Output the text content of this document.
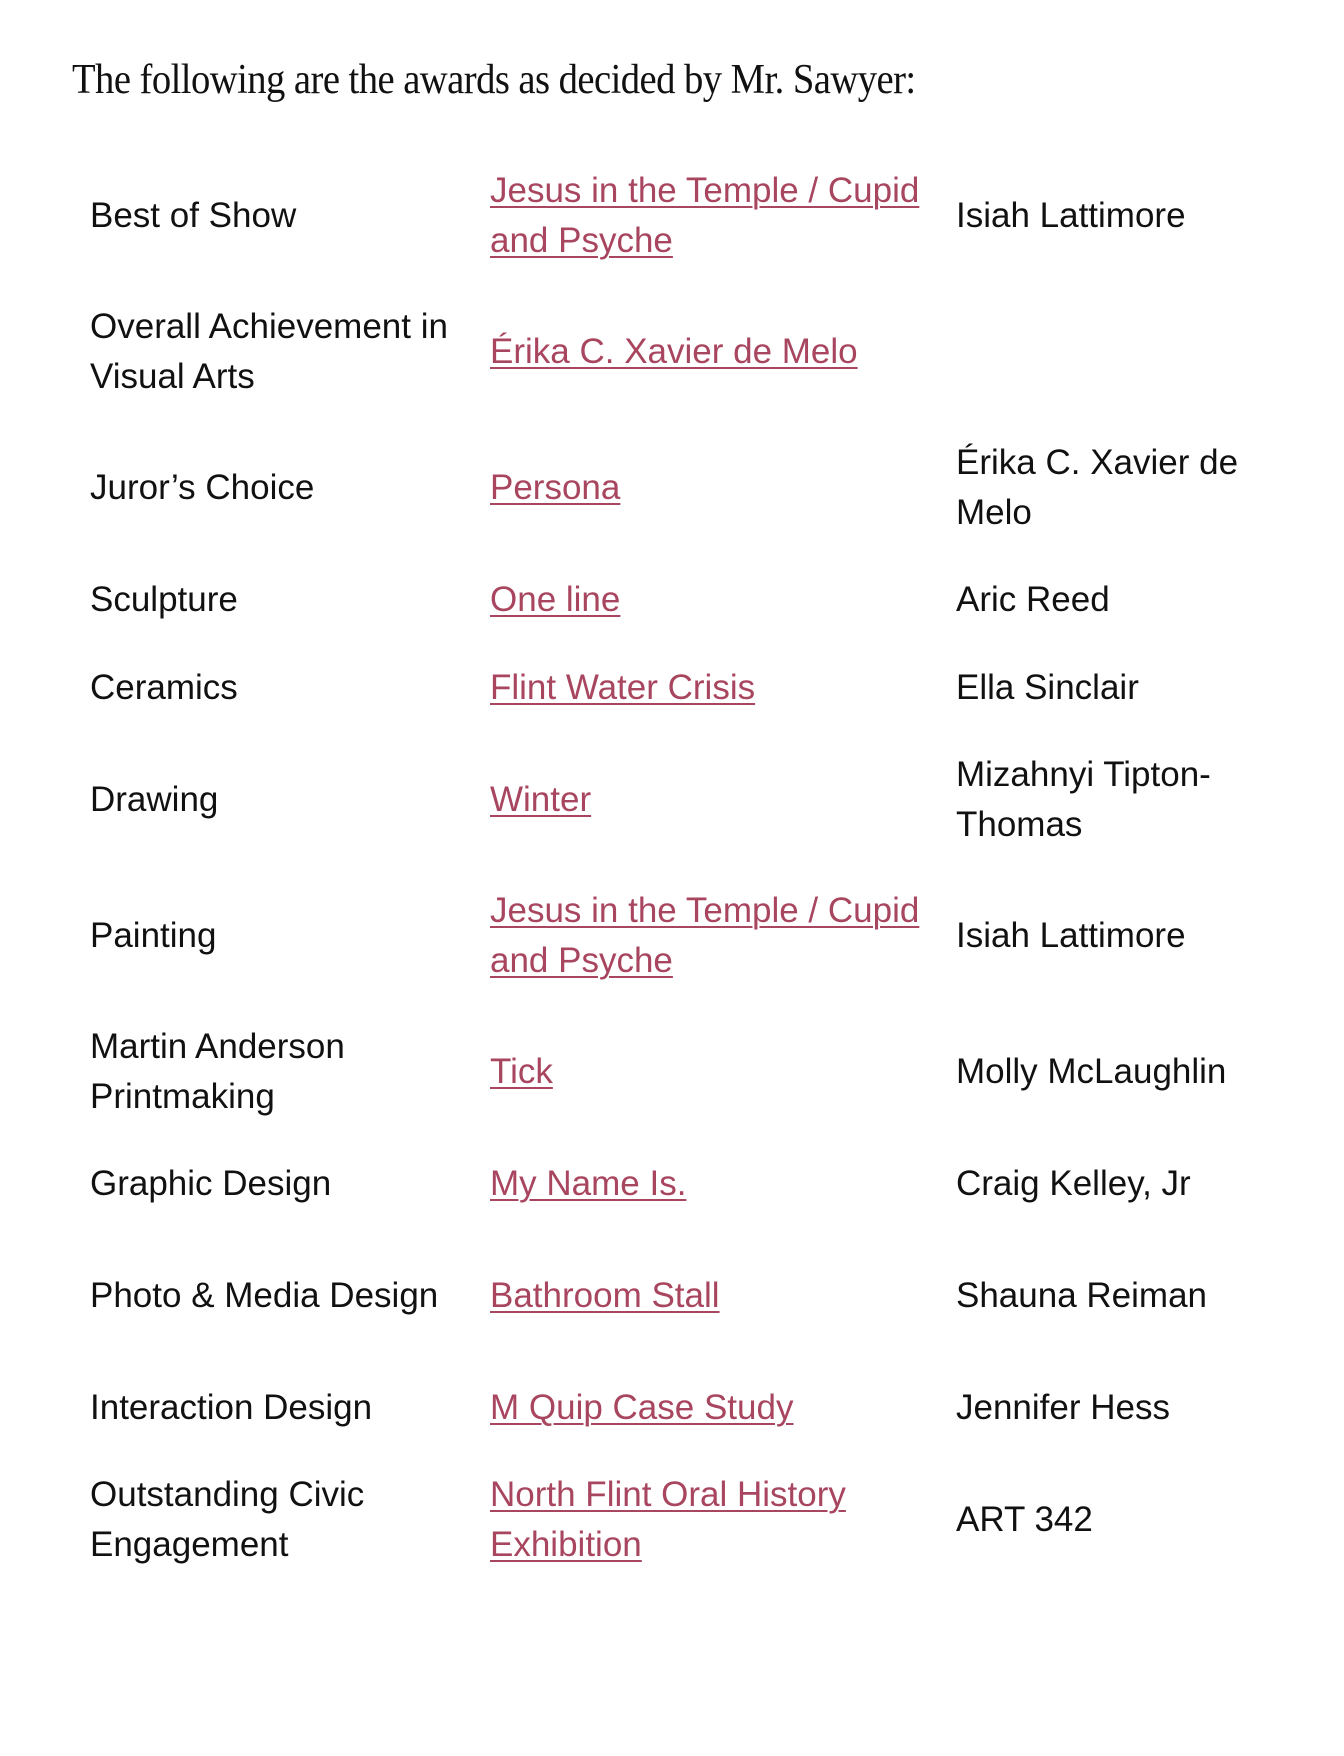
The following are the awards as decided by Mr. Sawyer:

Best of Show	Jesus in the Temple / Cupid and Psyche	Isiah Lattimore
Overall Achievement in Visual Arts	Érika C. Xavier de Melo	
Juror’s Choice	Persona	Érika C. Xavier de Melo
Sculpture	One line	Aric Reed
Ceramics	Flint Water Crisis	Ella Sinclair
Drawing	Winter	Mizahnyi Tipton-Thomas
Painting	Jesus in the Temple / Cupid and Psyche	Isiah Lattimore
Martin Anderson Printmaking	Tick	Molly McLaughlin
Graphic Design	My Name Is.	Craig Kelley, Jr
Photo & Media Design	Bathroom Stall	Shauna Reiman
Interaction Design	M Quip Case Study	Jennifer Hess
Outstanding Civic Engagement	North Flint Oral History Exhibition	ART 342
